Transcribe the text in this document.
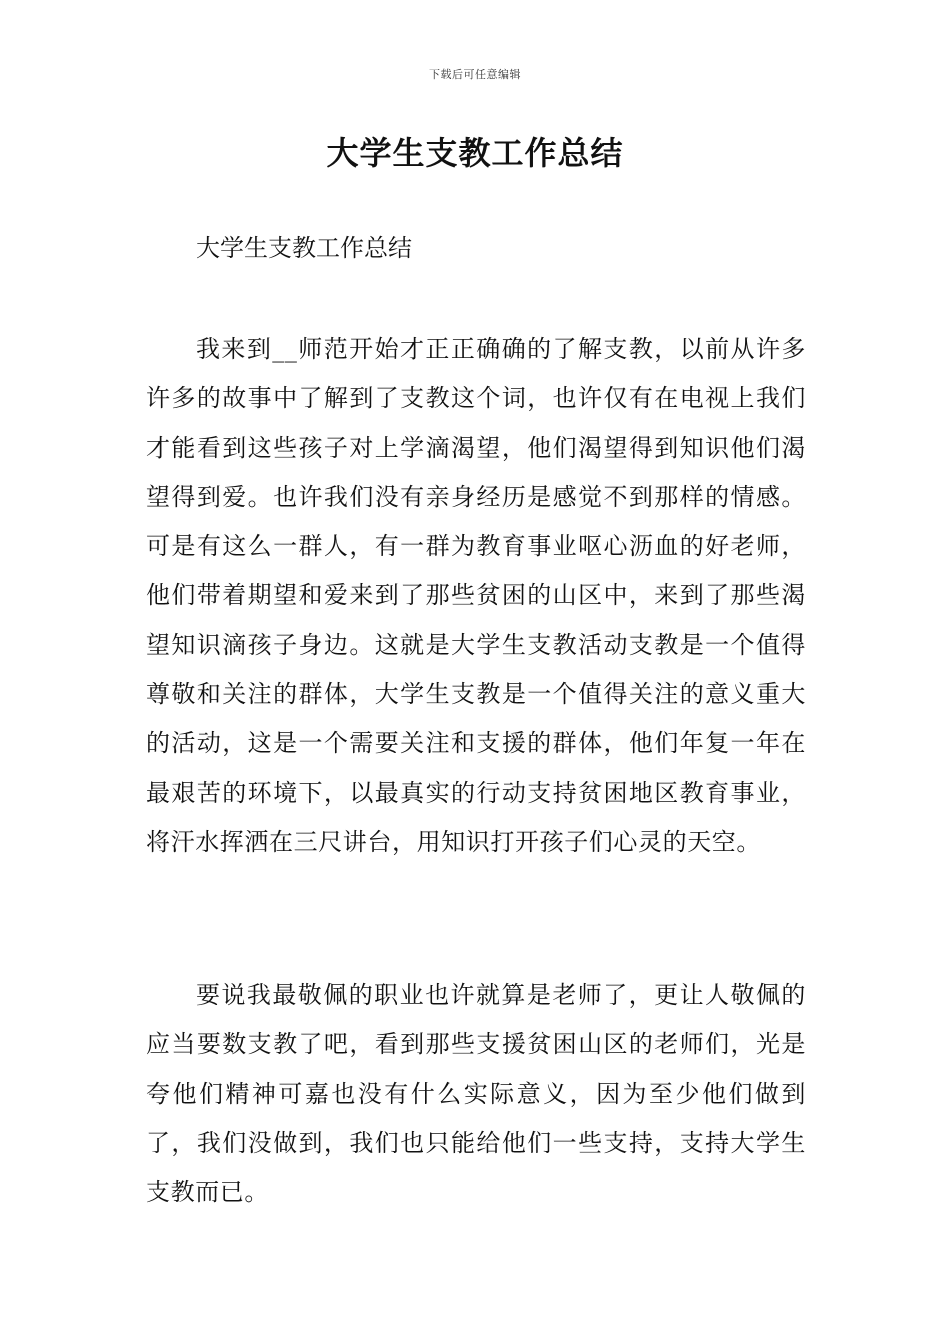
下载后可任意编辑
大学生支教工作总结

大学生支教工作总结

我来到__师范开始才正正确确的了解支教，以前从许多许多的故事中了解到了支教这个词，也许仅有在电视上我们才能看到这些孩子对上学滴渴望，他们渴望得到知识他们渴望得到爱。也许我们没有亲身经历是感觉不到那样的情感。可是有这么一群人，有一群为教育事业呕心沥血的好老师，他们带着期望和爱来到了那些贫困的山区中，来到了那些渴望知识滴孩子身边。这就是大学生支教活动支教是一个值得尊敬和关注的群体，大学生支教是一个值得关注的意义重大的活动，这是一个需要关注和支援的群体，他们年复一年在最艰苦的环境下，以最真实的行动支持贫困地区教育事业，将汗水挥洒在三尺讲台，用知识打开孩子们心灵的天空。

要说我最敬佩的职业也许就算是老师了，更让人敬佩的应当要数支教了吧，看到那些支援贫困山区的老师们，光是夸他们精神可嘉也没有什么实际意义，因为至少他们做到了，我们没做到，我们也只能给他们一些支持，支持大学生支教而已。
